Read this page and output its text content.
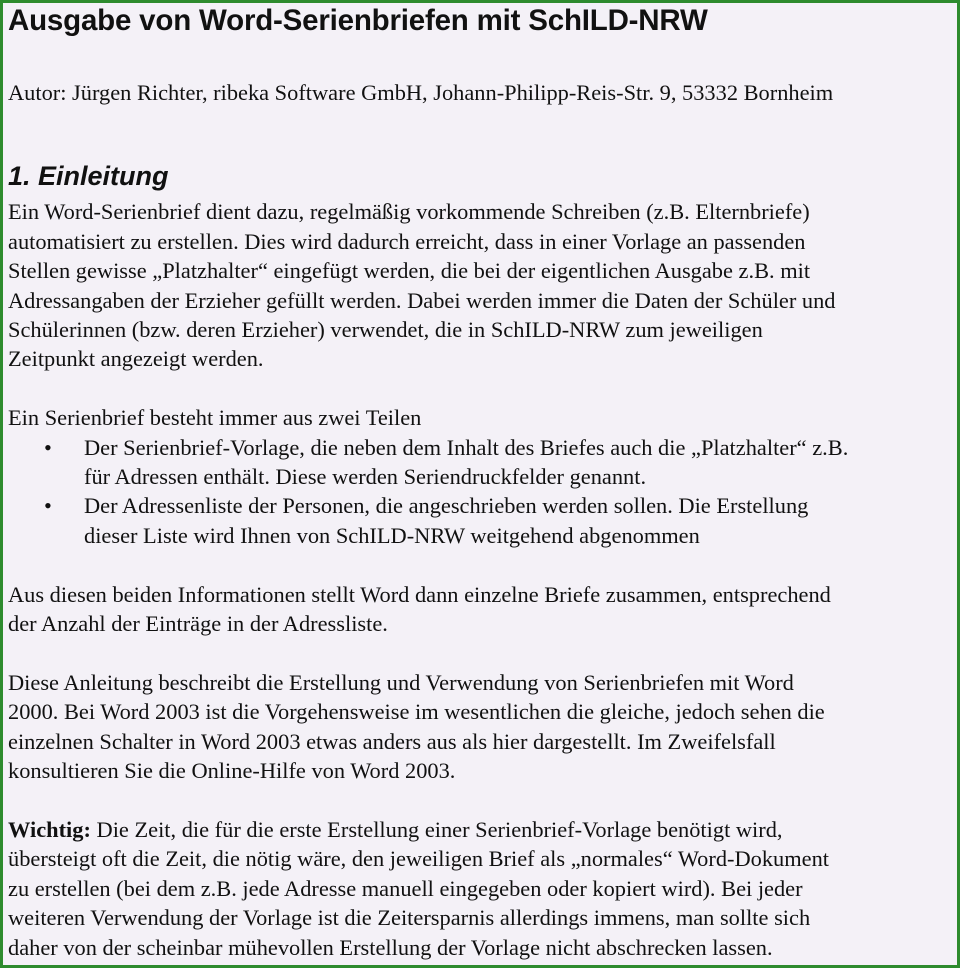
Ausgabe von Word-Serienbriefen mit SchILD-NRW
Autor: Jürgen Richter, ribeka Software GmbH, Johann-Philipp-Reis-Str. 9, 53332 Bornheim
1. Einleitung
Ein Word-Serienbrief dient dazu, regelmäßig vorkommende Schreiben (z.B. Elternbriefe)
automatisiert zu erstellen. Dies wird dadurch erreicht, dass in einer Vorlage an passenden
Stellen gewisse „Platzhalter“ eingefügt werden, die bei der eigentlichen Ausgabe z.B. mit
Adressangaben der Erzieher gefüllt werden. Dabei werden immer die Daten der Schüler und
Schülerinnen (bzw. deren Erzieher) verwendet, die in SchILD-NRW zum jeweiligen
Zeitpunkt angezeigt werden.
Ein Serienbrief besteht immer aus zwei Teilen
• Der Serienbrief-Vorlage, die neben dem Inhalt des Briefes auch die „Platzhalter“ z.B.
für Adressen enthält. Diese werden Seriendruckfelder genannt.
• Der Adressenliste der Personen, die angeschrieben werden sollen. Die Erstellung
dieser Liste wird Ihnen von SchILD-NRW weitgehend abgenommen
Aus diesen beiden Informationen stellt Word dann einzelne Briefe zusammen, entsprechend
der Anzahl der Einträge in der Adressliste.
Diese Anleitung beschreibt die Erstellung und Verwendung von Serienbriefen mit Word
2000. Bei Word 2003 ist die Vorgehensweise im wesentlichen die gleiche, jedoch sehen die
einzelnen Schalter in Word 2003 etwas anders aus als hier dargestellt. Im Zweifelsfall
konsultieren Sie die Online-Hilfe von Word 2003.
Wichtig: Die Zeit, die für die erste Erstellung einer Serienbrief-Vorlage benötigt wird,
übersteigt oft die Zeit, die nötig wäre, den jeweiligen Brief als „normales“ Word-Dokument
zu erstellen (bei dem z.B. jede Adresse manuell eingegeben oder kopiert wird). Bei jeder
weiteren Verwendung der Vorlage ist die Zeitersparnis allerdings immens, man sollte sich
daher von der scheinbar mühevollen Erstellung der Vorlage nicht abschrecken lassen.
